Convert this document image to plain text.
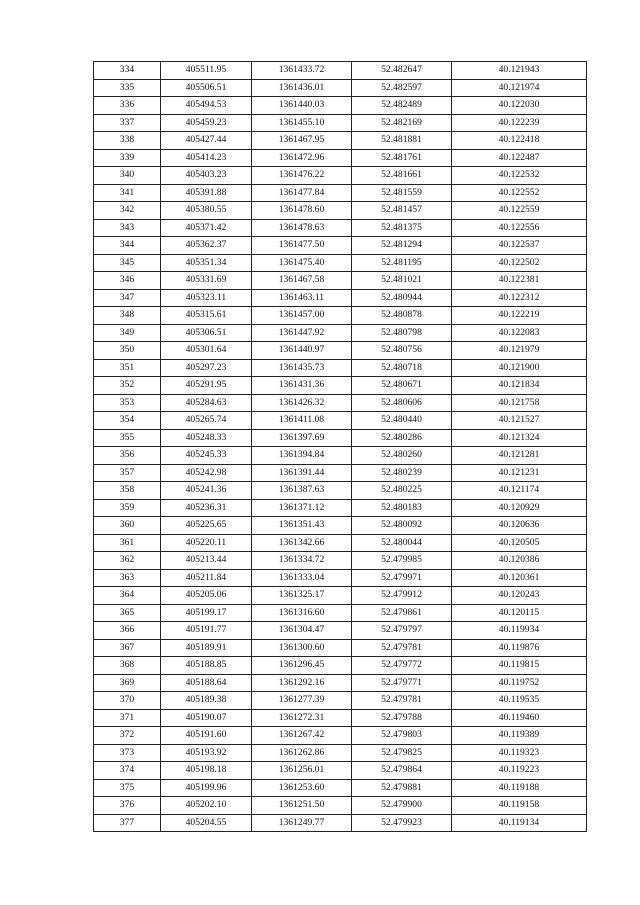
334	405511.95	1361433.72	52.482647	40.121943
335	405506.51	1361436.01	52.482597	40.121974
336	405494.53	1361440.03	52.482489	40.122030
337	405459.23	1361455.10	52.482169	40.122239
338	405427.44	1361467.95	52.481881	40.122418
339	405414.23	1361472.96	52.481761	40.122487
340	405403.23	1361476.22	52.481661	40.122532
341	405391.88	1361477.84	52.481559	40.122552
342	405380.55	1361478.60	52.481457	40.122559
343	405371.42	1361478.63	52.481375	40.122556
344	405362.37	1361477.50	52.481294	40.122537
345	405351.34	1361475.40	52.481195	40.122502
346	405331.69	1361467.58	52.481021	40.122381
347	405323.11	1361463.11	52.480944	40.122312
348	405315.61	1361457.00	52.480878	40.122219
349	405306.51	1361447.92	52.480798	40.122083
350	405301.64	1361440.97	52.480756	40.121979
351	405297.23	1361435.73	52.480718	40.121900
352	405291.95	1361431.36	52.480671	40.121834
353	405284.63	1361426.32	52.480606	40.121758
354	405265.74	1361411.08	52.480440	40.121527
355	405248.33	1361397.69	52.480286	40.121324
356	405245.33	1361394.84	52.480260	40.121281
357	405242.98	1361391.44	52.480239	40.121231
358	405241.36	1361387.63	52.480225	40.121174
359	405236.31	1361371.12	52.480183	40.120929
360	405225.65	1361351.43	52.480092	40.120636
361	405220.11	1361342.66	52.480044	40.120505
362	405213.44	1361334.72	52.479985	40.120386
363	405211.84	1361333.04	52.479971	40.120361
364	405205.06	1361325.17	52.479912	40.120243
365	405199.17	1361316.60	52.479861	40.120115
366	405191.77	1361304.47	52.479797	40.119934
367	405189.91	1361300.60	52.479781	40.119876
368	405188.85	1361296.45	52.479772	40.119815
369	405188.64	1361292.16	52.479771	40.119752
370	405189.38	1361277.39	52.479781	40.119535
371	405190.07	1361272.31	52.479788	40.119460
372	405191.60	1361267.42	52.479803	40.119389
373	405193.92	1361262.86	52.479825	40.119323
374	405198.18	1361256.01	52.479864	40.119223
375	405199.96	1361253.60	52.479881	40.119188
376	405202.10	1361251.50	52.479900	40.119158
377	405204.55	1361249.77	52.479923	40.119134
